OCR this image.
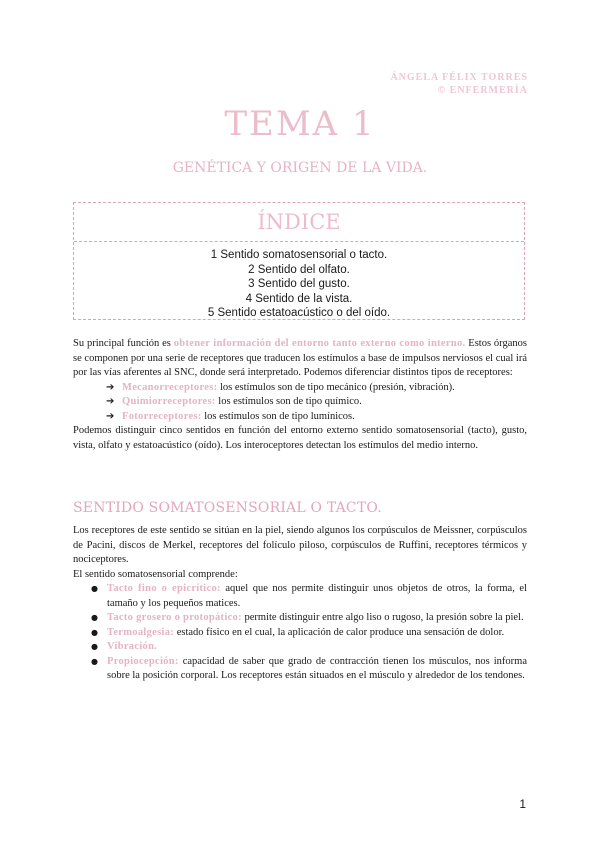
ÁNGELA FÉLIX TORRES
© ENFERMERÍA
TEMA 1
GENÉTICA Y ORIGEN DE LA VIDA.
ÍNDICE
1 Sentido somatosensorial o tacto.
2 Sentido del olfato.
3 Sentido del gusto.
4 Sentido de la vista.
5 Sentido estatoacústico o del oído.

Su principal función es obtener información del entorno tanto externo como interno. Estos órganos se componen por una serie de receptores que traducen los estímulos a base de impulsos nerviosos el cual irá por las vías aferentes al SNC, donde será interpretado. Podemos diferenciar distintos tipos de receptores:

➔ Mecanorreceptores: los estímulos son de tipo mecánico (presión, vibración).
➔ Quimiorreceptores: los estímulos son de tipo químico.
➔ Fotorreceptores: los estímulos son de tipo lumínicos.

Podemos distinguir cinco sentidos en función del entorno externo sentido somatosensorial (tacto), gusto, vista, olfato y estatoacústico (oído). Los interoceptores detectan los estímulos del medio interno.

SENTIDO SOMATOSENSORIAL O TACTO.

Los receptores de este sentido se sitúan en la piel, siendo algunos los corpúsculos de Meissner, corpúsculos de Pacini, discos de Merkel, receptores del folículo piloso, corpúsculos de Ruffini, receptores térmicos y nociceptores.

El sentido somatosensorial comprende:

● Tacto fino o epicrítico: aquel que nos permite distinguir unos objetos de otros, la forma, el tamaño y los pequeños matices.
● Tacto grosero o protopático: permite distinguir entre algo liso o rugoso, la presión sobre la piel.
● Termoalgesia: estado físico en el cual, la aplicación de calor produce una sensación de dolor.
● Vibración.
● Propiocepción: capacidad de saber que grado de contracción tienen los músculos, nos informa sobre la posición corporal. Los receptores están situados en el músculo y alrededor de los tendones.
1
